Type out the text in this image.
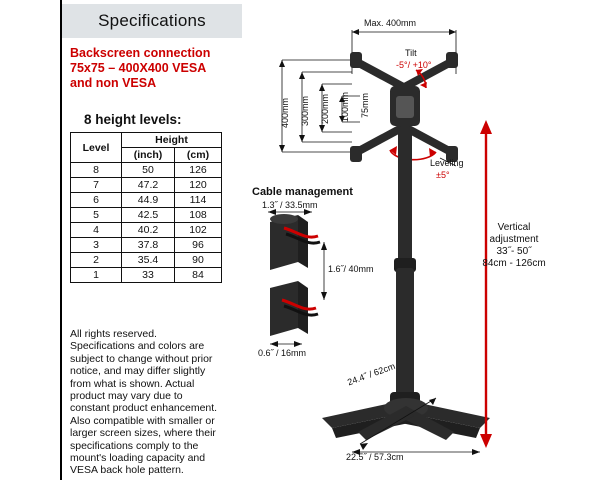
Specifications
Backscreen connection
75x75 – 400X400 VESA
and non VESA
8 height levels:
Level	Height	
	(inch)	(cm)
8	50	126
7	47.2	120
6	44.9	114
5	42.5	108
4	40.2	102
3	37.8	96
2	35.4	90
1	33	84
All rights reserved. Specifications and colors are subject to change without prior notice, and may differ slightly from what is shown. Actual product may vary due to constant product enhancement. Also compatible with smaller or larger screen sizes, where their specifications comply to the mount's loading capacity and VESA back hole pattern.
Max. 400mm
Tilt
-5°/ +10°
Leveling
±5°
400mm 300mm 200mm 100mm 75mm
Cable management
1.3˝ / 33.5mm
1.6˝/ 40mm
0.6˝ / 16mm
Vertical
adjustment
33˝- 50˝
84cm - 126cm
24.4˝ / 62cm
22.5˝ / 57.3cm
